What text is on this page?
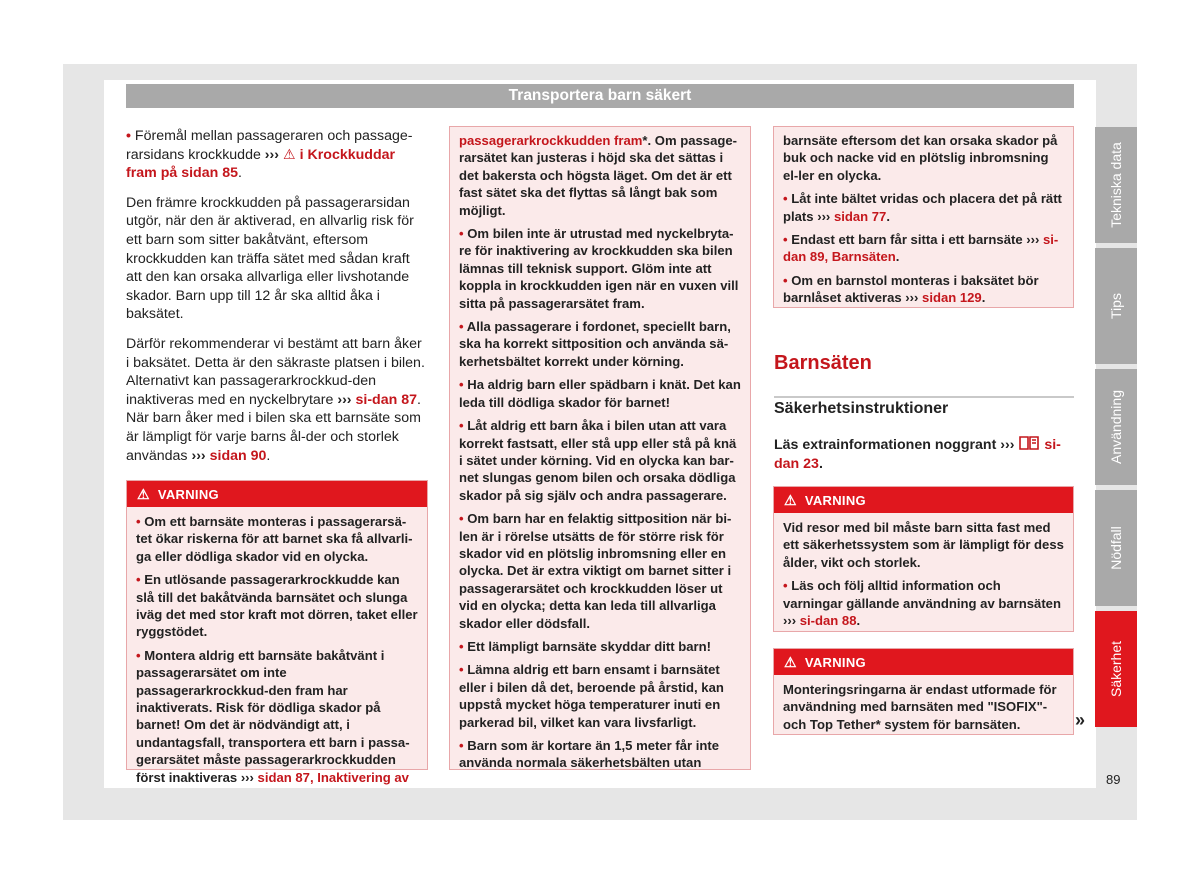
Transportera barn säkert

• Föremål mellan passageraren och passage-rarsidans krockkudde ››› ⚠ i Krockkuddar fram på sidan 85.

Den främre krockkudden på passagerarsidan utgör, när den är aktiverad, en allvarlig risk för ett barn som sitter bakåtvänt, eftersom krockkudden kan träffa sätet med sådan kraft att den kan orsaka allvarliga eller livshotande skador. Barn upp till 12 år ska alltid åka i baksätet.

Därför rekommenderar vi bestämt att barn åker i baksätet. Detta är den säkraste platsen i bilen. Alternativt kan passagerarkrockkud-den inaktiveras med en nyckelbrytare ››› si-dan 87. När barn åker med i bilen ska ett barnsäte som är lämpligt för varje barns ål-der och storlek användas ››› sidan 90.

⚠ VARNING

• Om ett barnsäte monteras i passagerarsä-tet ökar riskerna för att barnet ska få allvarli-ga eller dödliga skador vid en olycka.

• En utlösande passagerarkrockkudde kan slå till det bakåtvända barnsätet och slunga iväg det med stor kraft mot dörren, taket eller ryggstödet.

• Montera aldrig ett barnsäte bakåtvänt i passagerarsätet om inte passagerarkrockkud-den fram har inaktiverats. Risk för dödliga skador på barnet! Om det är nödvändigt att, i undantagsfall, transportera ett barn i passa-gerarsätet måste passagerarkrockkudden först inaktiveras ››› sidan 87, Inaktivering av

passagerarkrockkudden fram*. Om passage-rarsätet kan justeras i höjd ska det sättas i det bakersta och högsta läget. Om det är ett fast sätet ska det flyttas så långt bak som möjligt.

• Om bilen inte är utrustad med nyckelbryta-re för inaktivering av krockkudden ska bilen lämnas till teknisk support. Glöm inte att koppla in krockkudden igen när en vuxen vill sitta på passagerarsätet fram.

• Alla passagerare i fordonet, speciellt barn, ska ha korrekt sittposition och använda sä-kerhetsbältet korrekt under körning.

• Ha aldrig barn eller spädbarn i knät. Det kan leda till dödliga skador för barnet!

• Låt aldrig ett barn åka i bilen utan att vara korrekt fastsatt, eller stå upp eller stå på knä i sätet under körning. Vid en olycka kan bar-net slungas genom bilen och orsaka dödliga skador på sig själv och andra passagerare.

• Om barn har en felaktig sittposition när bi-len är i rörelse utsätts de för större risk för skador vid en plötslig inbromsning eller en olycka. Det är extra viktigt om barnet sitter i passagerarsätet och krockkudden löser ut vid en olycka; detta kan leda till allvarliga skador eller dödsfall.

• Ett lämpligt barnsäte skyddar ditt barn!

• Lämna aldrig ett barn ensamt i barnsätet eller i bilen då det, beroende på årstid, kan uppstå mycket höga temperaturer inuti en parkerad bil, vilket kan vara livsfarligt.

• Barn som är kortare än 1,5 meter får inte använda normala säkerhetsbälten utan

barnsäte eftersom det kan orsaka skador på buk och nacke vid en plötslig inbromsning el-ler en olycka.

• Låt inte bältet vridas och placera det på rätt plats ››› sidan 77.

• Endast ett barn får sitta i ett barnsäte ››› si-dan 89, Barnsäten.

• Om en barnstol monteras i baksätet bör barnlåset aktiveras ››› sidan 129.

Barnsäten
Säkerhetsinstruktioner
Läs extrainformationen noggrant ››› si-dan 23.
⚠ VARNING

Vid resor med bil måste barn sitta fast med ett säkerhetssystem som är lämpligt för dess ålder, vikt och storlek.

• Läs och följ alltid information och varningar gällande användning av barnsäten ››› si-dan 88.

⚠ VARNING

Monteringsringarna är endast utformade för användning med barnsäten med "ISOFIX"- och Top Tether* system för barnsäten.	»
Tekniska data
Tips
Användning
Nödfall
Säkerhet
89
